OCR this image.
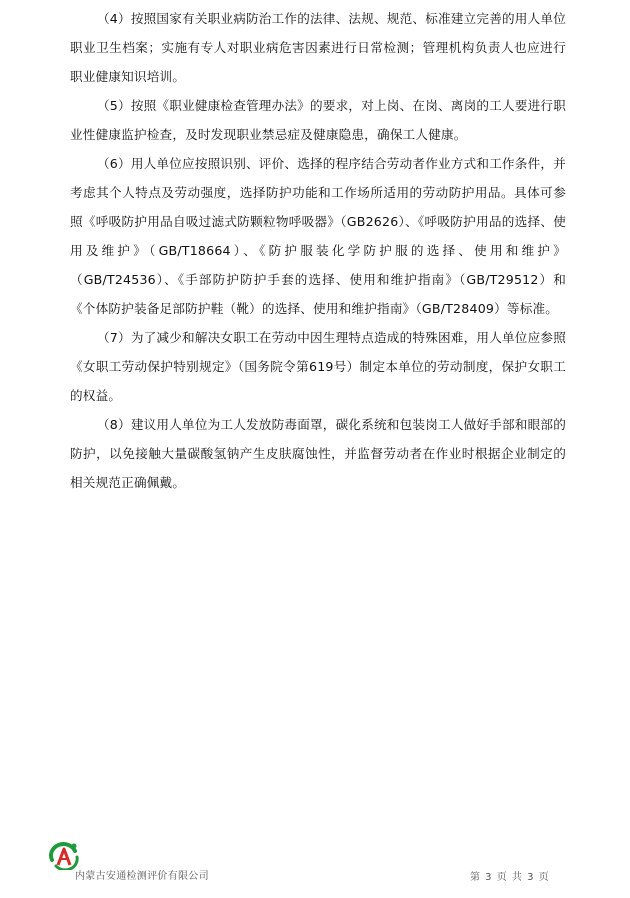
（4）按照国家有关职业病防治工作的法律、法规、规范、标准建立完善的用人单位职业卫生档案；实施有专人对职业病危害因素进行日常检测；管理机构负责人也应进行职业健康知识培训。

（5）按照《职业健康检查管理办法》的要求，对上岗、在岗、离岗的工人要进行职业性健康监护检查，及时发现职业禁忌症及健康隐患，确保工人健康。

（6）用人单位应按照识别、评价、选择的程序结合劳动者作业方式和工作条件，并考虑其个人特点及劳动强度，选择防护功能和工作场所适用的劳动防护用品。具体可参照《呼吸防护用品自吸过滤式防颗粒物呼吸器》（GB2626）、《呼吸防护用品的选择、使用及维护》（GB/T18664）、《防护服装化学防护服的选择、使用和维护》（GB/T24536）、《手部防护防护手套的选择、使用和维护指南》（GB/T29512）和《个体防护装备足部防护鞋（靴）的选择、使用和维护指南》（GB/T28409）等标准。

（7）为了减少和解决女职工在劳动中因生理特点造成的特殊困难，用人单位应参照《女职工劳动保护特别规定》（国务院令第619号）制定本单位的劳动制度，保护女职工的权益。

（8）建议用人单位为工人发放防毒面罩，碳化系统和包装岗工人做好手部和眼部的防护，以免接触大量碳酸氢钠产生皮肤腐蚀性，并监督劳动者在作业时根据企业制定的相关规范正确佩戴。

内蒙古安通检测评价有限公司	第 3 页 共 3 页
